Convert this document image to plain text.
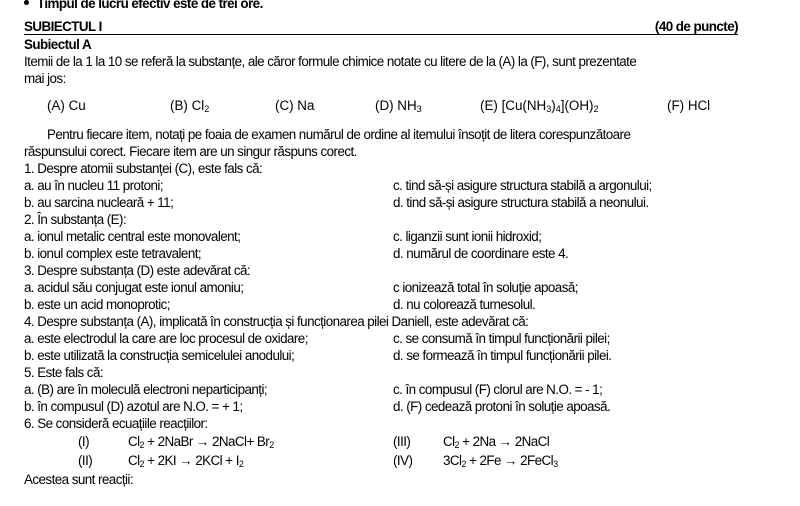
Timpul de lucru efectiv este de trei ore.
SUBIECTUL I	(40 de puncte)
Subiectul A
Itemii de la 1 la 10 se referă la substanțe, ale căror formule chimice notate cu litere de la (A) la (F), sunt prezentate
mai jos:
(A) Cu	(B) $Cl_2$	(C) Na	(D) $NH_3$	(E) $[Cu(NH_3)_4](OH)_2$	(F) HCl
Pentru fiecare item, notați pe foaia de examen numărul de ordine al itemului însoțit de litera corespunzătoare
răspunsului corect. Fiecare item are un singur răspuns corect.
1. Despre atomii substanței (C), este fals că:
a. au în nucleu 11 protoni;	c. tind să-și asigure structura stabilă a argonului;
b. au sarcina nucleară + 11;	d. tind să-și asigure structura stabilă a neonului.
2. În substanța (E):
a. ionul metalic central este monovalent;	c. liganzii sunt ionii hidroxid;
b. ionul complex este tetravalent;	d. numărul de coordinare este 4.
3. Despre substanța (D) este adevărat că:
a. acidul său conjugat este ionul amoniu;	c ionizează total în soluție apoasă;
b. este un acid monoprotic;	d. nu colorează turnesolul.
4. Despre substanța (A), implicată în construcția și funcționarea pilei Daniell, este adevărat că:
a. este electrodul la care are loc procesul de oxidare;	c. se consumă în timpul funcționării pilei;
b. este utilizată la construcția semicelulei anodului;	d. se formează în timpul funcționării pilei.
5. Este fals că:
a. (B) are în moleculă electroni neparticipanți;	c. în compusul (F) clorul are N.O. = - 1;
b. în compusul (D) azotul are N.O. = + 1;	d. (F) cedează protoni în soluție apoasă.
6. Se consideră ecuațiile reacțiilor:
(I)	$Cl_2$ + 2NaBr → 2NaCl+ $Br_2$	(III) $Cl_2 + 2Na$ → 2NaCl
(II)	$Cl_2 + 2KI \to 2KCl + I_2$	(IV) $3Cl_2 + 2Fe$ → 2FeCl$_3$
Acestea sunt reacții:
